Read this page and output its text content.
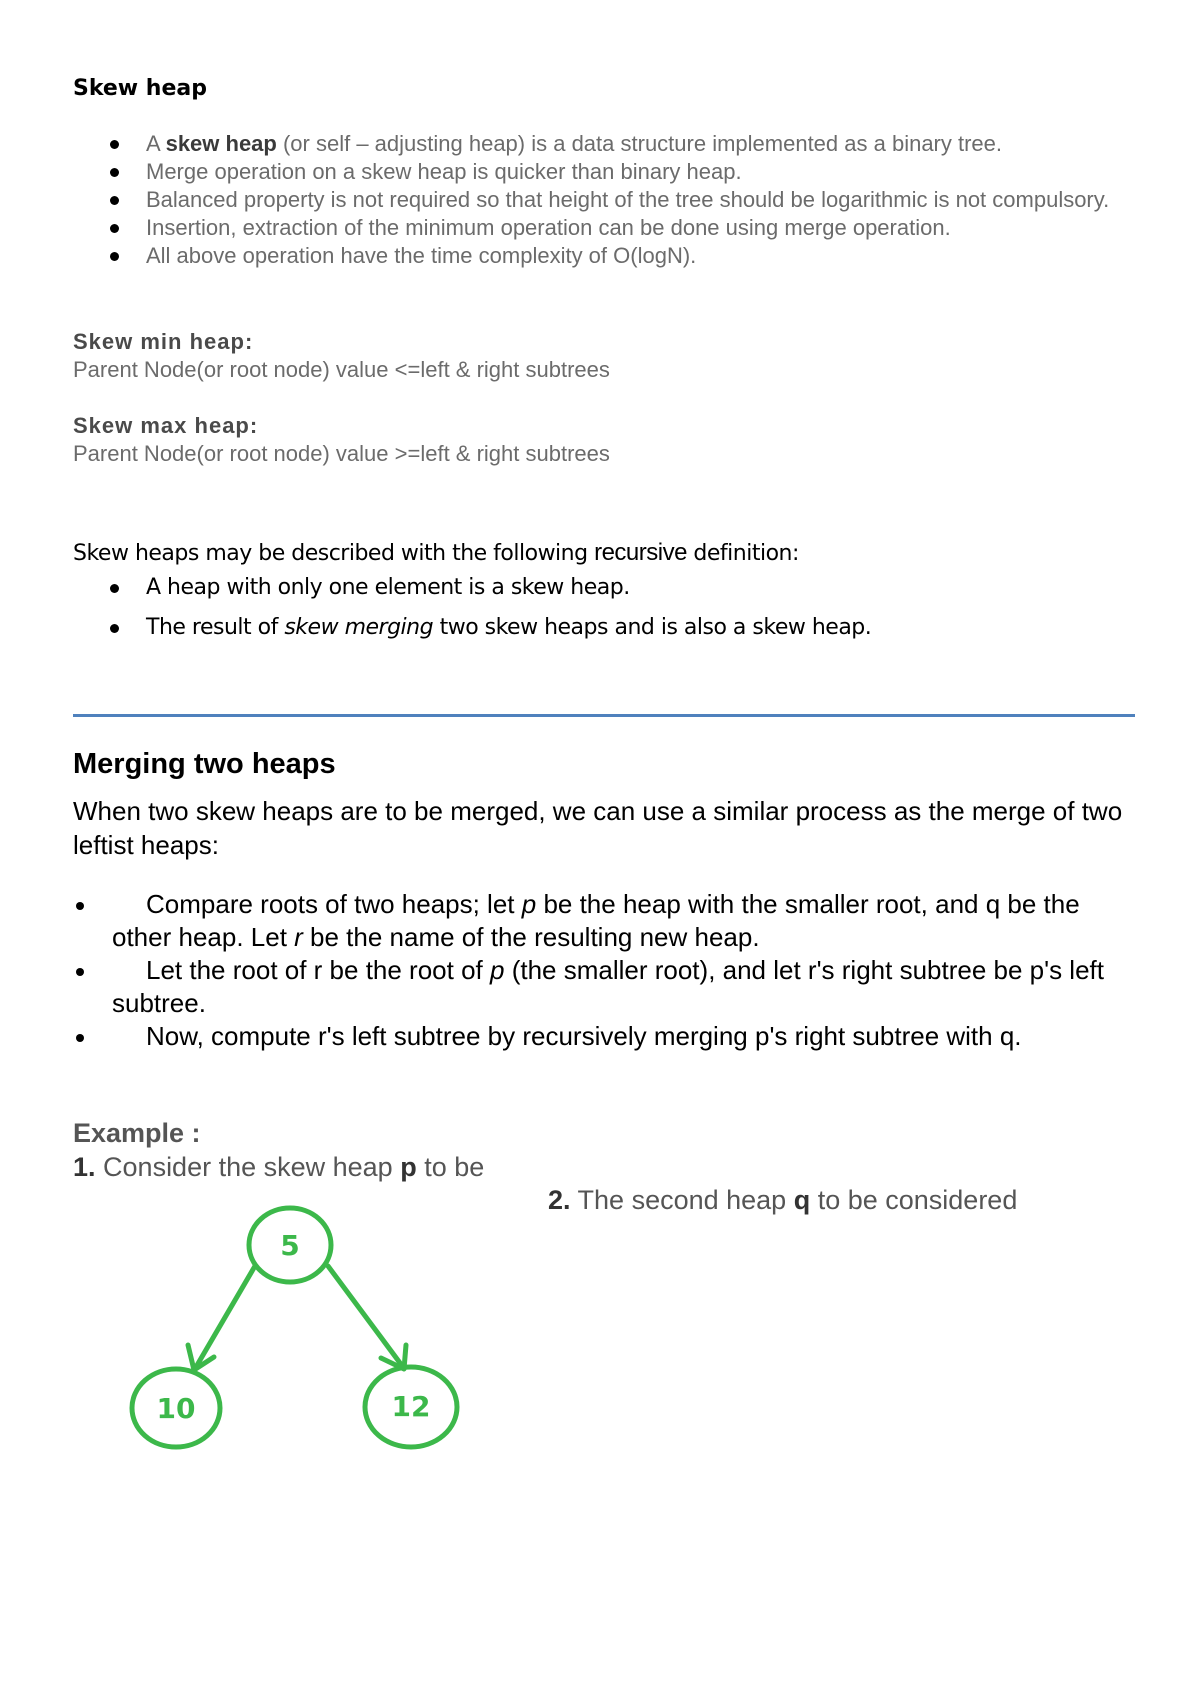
Skew heap
A skew heap (or self – adjusting heap) is a data structure implemented as a binary tree.
Merge operation on a skew heap is quicker than binary heap.
Balanced property is not required so that height of the tree should be logarithmic is not compulsory.
Insertion, extraction of the minimum operation can be done using merge operation.
All above operation have the time complexity of O(logN).
Skew min heap:
Parent Node(or root node) value <=left & right subtrees
Skew max heap:
Parent Node(or root node) value >=left & right subtrees
Skew heaps may be described with the following recursive definition:
A heap with only one element is a skew heap.
The result of skew merging two skew heaps and is also a skew heap.
Merging two heaps
When two skew heaps are to be merged, we can use a similar process as the merge of two leftist heaps:
Compare roots of two heaps; let p be the heap with the smaller root, and q be the other heap. Let r be the name of the resulting new heap.
Let the root of r be the root of p (the smaller root), and let r's right subtree be p's left subtree.
Now, compute r's left subtree by recursively merging p's right subtree with q.
Example :
1. Consider the skew heap p to be
2. The second heap q to be considered
5
10	12
